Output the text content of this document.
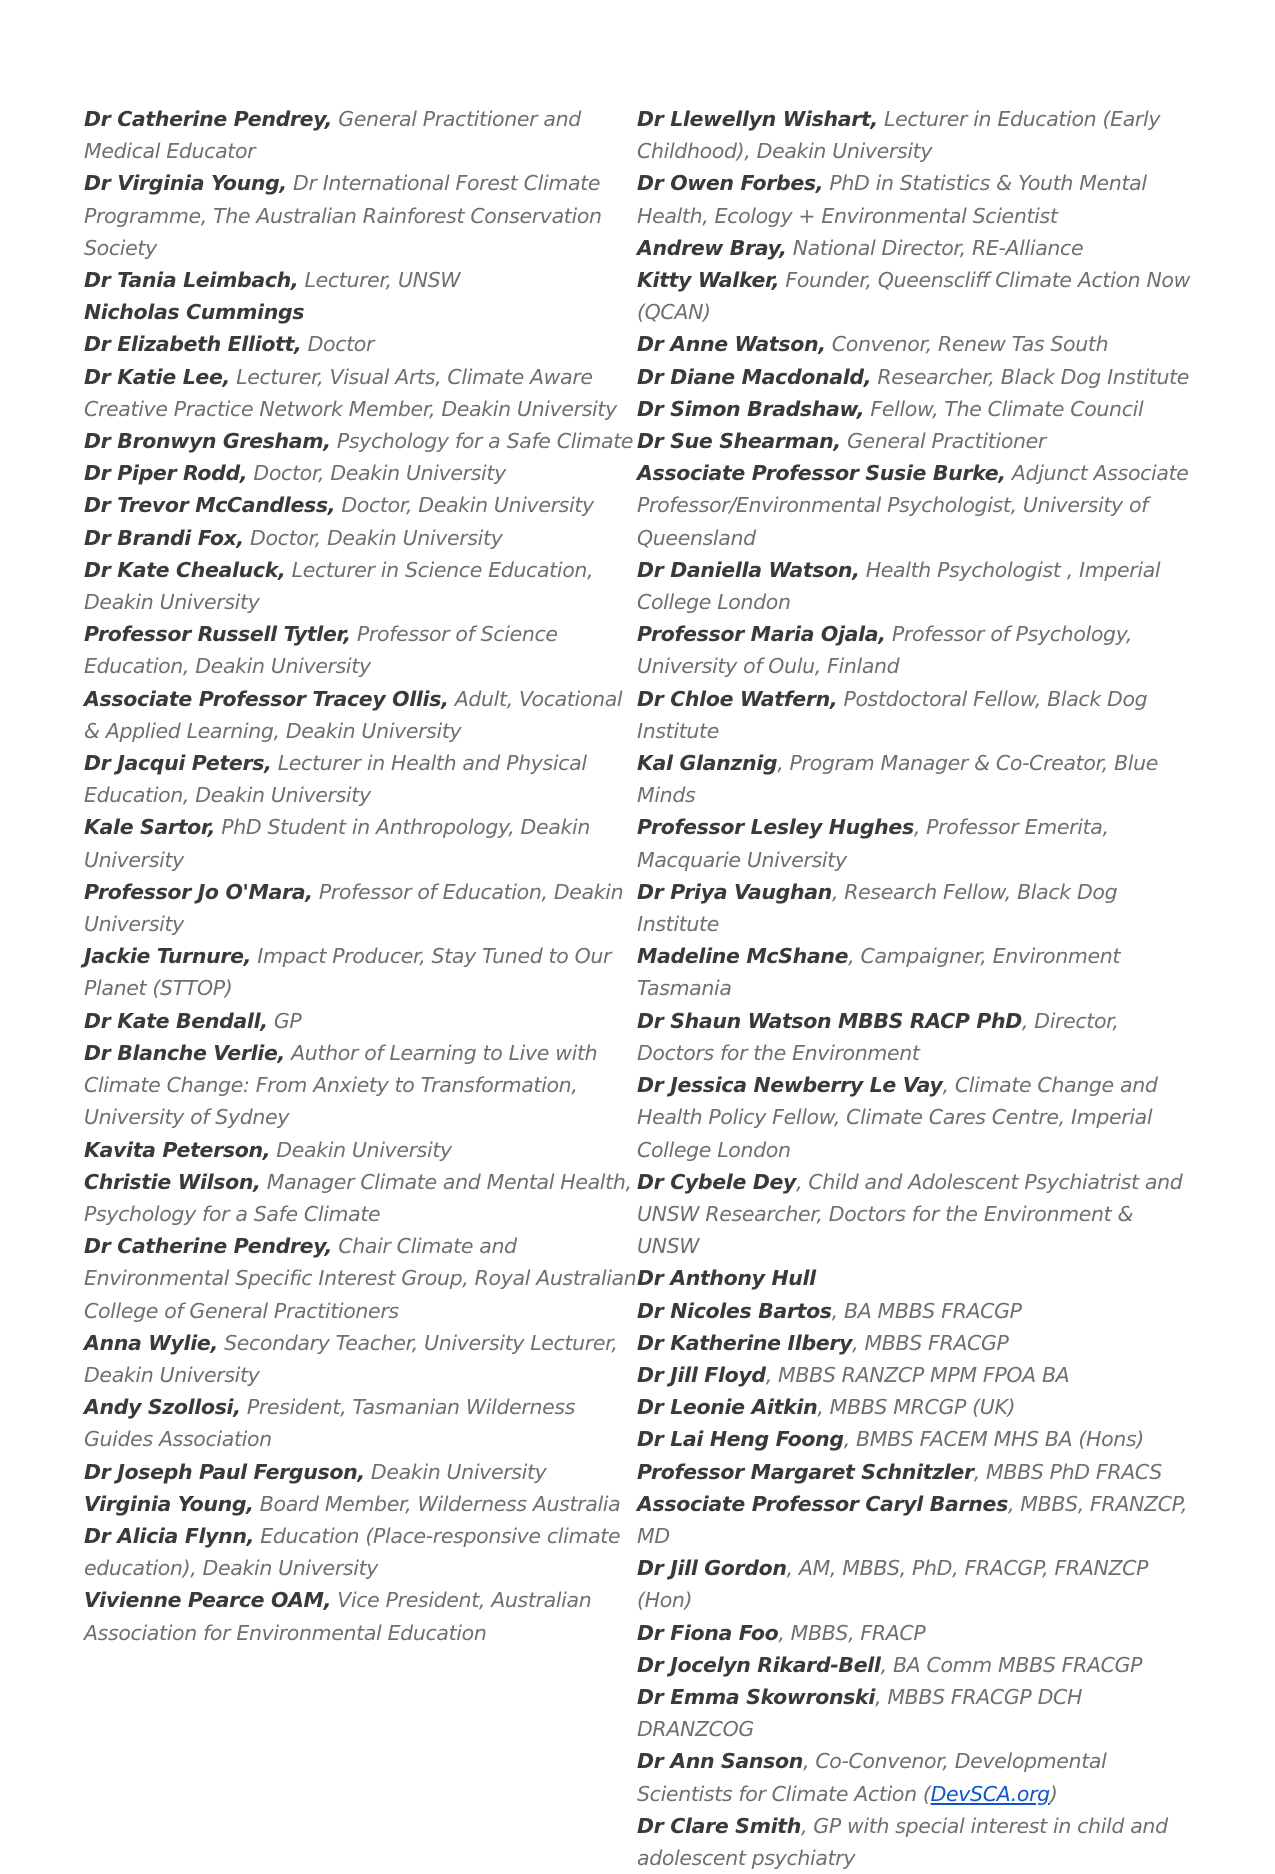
Dr Catherine Pendrey, General Practitioner and Medical Educator
Dr Virginia Young, Dr International Forest Climate Programme, The Australian Rainforest Conservation Society
Dr Tania Leimbach, Lecturer, UNSW
Nicholas Cummings
Dr Elizabeth Elliott, Doctor
Dr Katie Lee, Lecturer, Visual Arts, Climate Aware Creative Practice Network Member, Deakin University
Dr Bronwyn Gresham, Psychology for a Safe Climate
Dr Piper Rodd, Doctor, Deakin University
Dr Trevor McCandless, Doctor, Deakin University
Dr Brandi Fox, Doctor, Deakin University
Dr Kate Chealuck, Lecturer in Science Education, Deakin University
Professor Russell Tytler, Professor of Science Education, Deakin University
Associate Professor Tracey Ollis, Adult, Vocational & Applied Learning, Deakin University
Dr Jacqui Peters, Lecturer in Health and Physical Education, Deakin University
Kale Sartor, PhD Student in Anthropology, Deakin University
Professor Jo O'Mara, Professor of Education, Deakin University
Jackie Turnure, Impact Producer, Stay Tuned to Our Planet (STTOP)
Dr Kate Bendall, GP
Dr Blanche Verlie, Author of Learning to Live with Climate Change: From Anxiety to Transformation, University of Sydney
Kavita Peterson, Deakin University
Christie Wilson, Manager Climate and Mental Health, Psychology for a Safe Climate
Dr Catherine Pendrey, Chair Climate and Environmental Specific Interest Group, Royal Australian College of General Practitioners
Anna Wylie, Secondary Teacher, University Lecturer, Deakin University
Andy Szollosi, President, Tasmanian Wilderness Guides Association
Dr Joseph Paul Ferguson, Deakin University
Virginia Young, Board Member, Wilderness Australia
Dr Alicia Flynn, Education (Place-responsive climate education), Deakin University
Vivienne Pearce OAM, Vice President, Australian Association for Environmental Education
Dr Llewellyn Wishart, Lecturer in Education (Early Childhood), Deakin University
Dr Owen Forbes, PhD in Statistics & Youth Mental Health, Ecology + Environmental Scientist
Andrew Bray, National Director, RE-Alliance
Kitty Walker, Founder, Queenscliff Climate Action Now (QCAN)
Dr Anne Watson, Convenor, Renew Tas South
Dr Diane Macdonald, Researcher, Black Dog Institute
Dr Simon Bradshaw, Fellow, The Climate Council
Dr Sue Shearman, General Practitioner
Associate Professor Susie Burke, Adjunct Associate Professor/Environmental Psychologist, University of Queensland
Dr Daniella Watson, Health Psychologist , Imperial College London
Professor Maria Ojala, Professor of Psychology, University of Oulu, Finland
Dr Chloe Watfern, Postdoctoral Fellow, Black Dog Institute
Kal Glanznig, Program Manager & Co-Creator, Blue Minds
Professor Lesley Hughes, Professor Emerita, Macquarie University
Dr Priya Vaughan, Research Fellow, Black Dog Institute
Madeline McShane, Campaigner, Environment Tasmania
Dr Shaun Watson MBBS RACP PhD, Director, Doctors for the Environment
Dr Jessica Newberry Le Vay, Climate Change and Health Policy Fellow, Climate Cares Centre, Imperial College London
Dr Cybele Dey, Child and Adolescent Psychiatrist and UNSW Researcher, Doctors for the Environment & UNSW
Dr Anthony Hull
Dr Nicoles Bartos, BA MBBS FRACGP
Dr Katherine Ilbery, MBBS FRACGP
Dr Jill Floyd, MBBS RANZCP MPM FPOA BA
Dr Leonie Aitkin, MBBS MRCGP (UK)
Dr Lai Heng Foong, BMBS FACEM MHS BA (Hons)
Professor Margaret Schnitzler, MBBS PhD FRACS
Associate Professor Caryl Barnes, MBBS, FRANZCP, MD
Dr Jill Gordon, AM, MBBS, PhD, FRACGP, FRANZCP (Hon)
Dr Fiona Foo, MBBS, FRACP
Dr Jocelyn Rikard-Bell, BA Comm MBBS FRACGP
Dr Emma Skowronski, MBBS FRACGP DCH DRANZCOG
Dr Ann Sanson, Co-Convenor, Developmental Scientists for Climate Action (DevSCA.org)
Dr Clare Smith, GP with special interest in child and adolescent psychiatry
